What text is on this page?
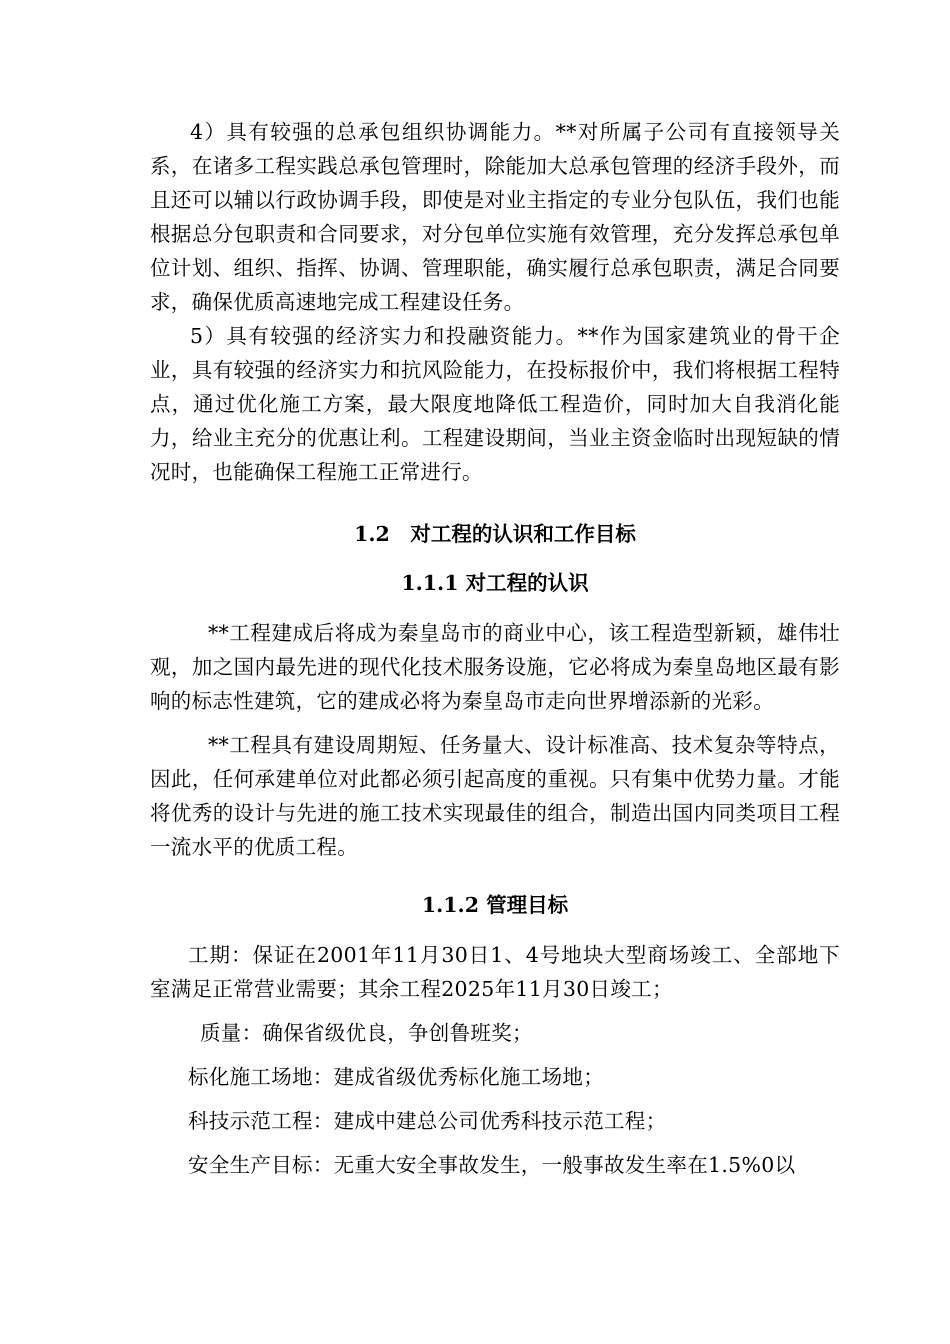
4）具有较强的总承包组织协调能力。**对所属子公司有直接领导关系，在诸多工程实践总承包管理时，除能加大总承包管理的经济手段外，而且还可以辅以行政协调手段，即使是对业主指定的专业分包队伍，我们也能根据总分包职责和合同要求，对分包单位实施有效管理，充分发挥总承包单位计划、组织、指挥、协调、管理职能，确实履行总承包职责，满足合同要求，确保优质高速地完成工程建设任务。

5）具有较强的经济实力和投融资能力。**作为国家建筑业的骨干企业，具有较强的经济实力和抗风险能力，在投标报价中，我们将根据工程特点，通过优化施工方案，最大限度地降低工程造价，同时加大自我消化能力，给业主充分的优惠让利。工程建设期间，当业主资金临时出现短缺的情况时，也能确保工程施工正常进行。

1.2　对工程的认识和工作目标

1.1.1 对工程的认识

**工程建成后将成为秦皇岛市的商业中心，该工程造型新颖，雄伟壮观，加之国内最先进的现代化技术服务设施，它必将成为秦皇岛地区最有影响的标志性建筑，它的建成必将为秦皇岛市走向世界增添新的光彩。

**工程具有建设周期短、任务量大、设计标准高、技术复杂等特点，因此，任何承建单位对此都必须引起高度的重视。只有集中优势力量。才能将优秀的设计与先进的施工技术实现最佳的组合，制造出国内同类项目工程一流水平的优质工程。

1.1.2 管理目标

工期：保证在2001年11月30日1、4号地块大型商场竣工、全部地下室满足正常营业需要；其余工程2025年11月30日竣工；

质量：确保省级优良，争创鲁班奖；

标化施工场地：建成省级优秀标化施工场地；

科技示范工程：建成中建总公司优秀科技示范工程；

安全生产目标：无重大安全事故发生，一般事故发生率在1.5%0以
